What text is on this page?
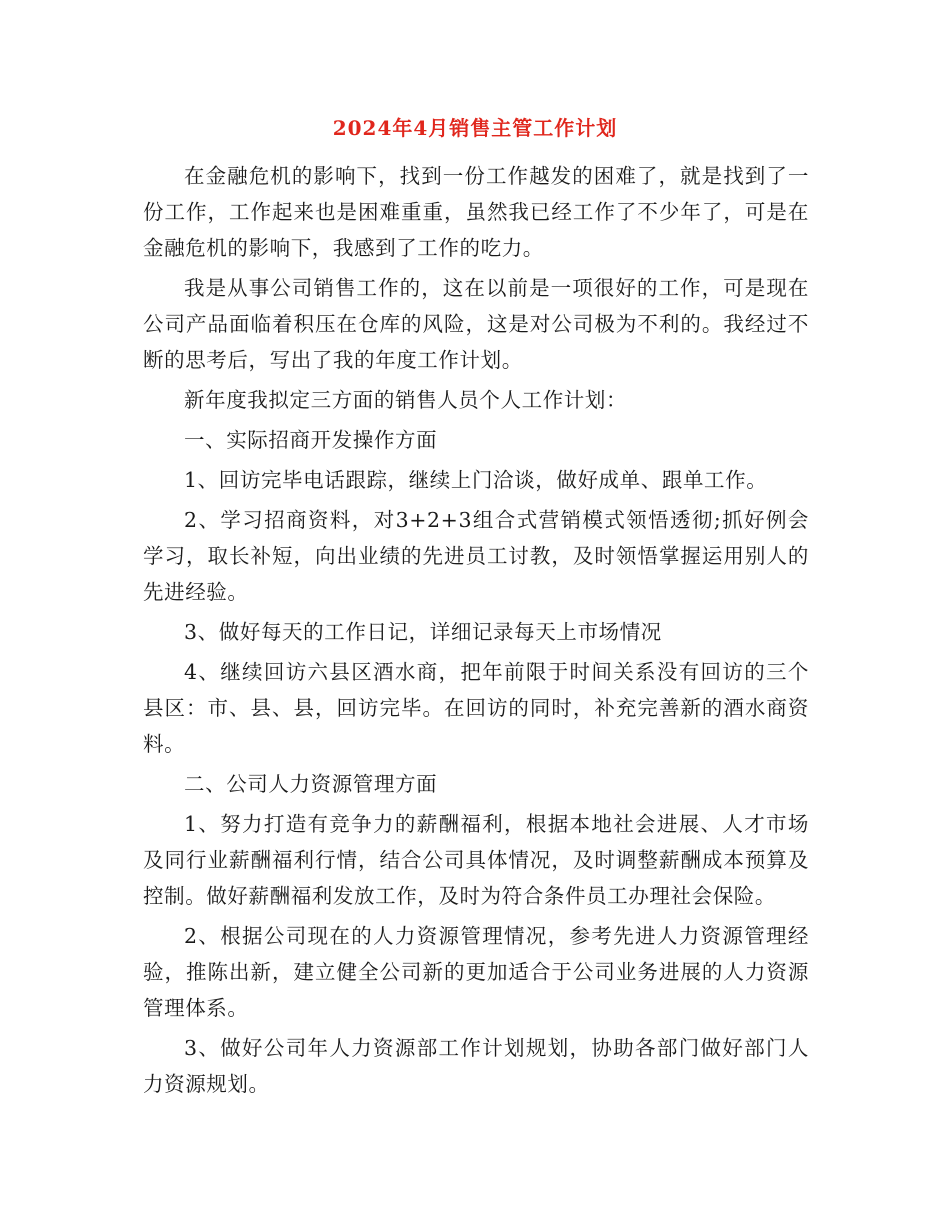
2024年4月销售主管工作计划

在金融危机的影响下，找到一份工作越发的困难了，就是找到了一份工作，工作起来也是困难重重，虽然我已经工作了不少年了，可是在金融危机的影响下，我感到了工作的吃力。

我是从事公司销售工作的，这在以前是一项很好的工作，可是现在公司产品面临着积压在仓库的风险，这是对公司极为不利的。我经过不断的思考后，写出了我的年度工作计划。

新年度我拟定三方面的销售人员个人工作计划：

一、实际招商开发操作方面

1、回访完毕电话跟踪，继续上门洽谈，做好成单、跟单工作。

2、学习招商资料，对3+2+3组合式营销模式领悟透彻;抓好例会学习，取长补短，向出业绩的先进员工讨教，及时领悟掌握运用别人的先进经验。

3、做好每天的工作日记，详细记录每天上市场情况

4、继续回访六县区酒水商，把年前限于时间关系没有回访的三个县区：市、县、县，回访完毕。在回访的同时，补充完善新的酒水商资料。

二、公司人力资源管理方面

1、努力打造有竞争力的薪酬福利，根据本地社会进展、人才市场及同行业薪酬福利行情，结合公司具体情况，及时调整薪酬成本预算及控制。做好薪酬福利发放工作，及时为符合条件员工办理社会保险。

2、根据公司现在的人力资源管理情况，参考先进人力资源管理经验，推陈出新，建立健全公司新的更加适合于公司业务进展的人力资源管理体系。

3、做好公司年人力资源部工作计划规划，协助各部门做好部门人力资源规划。
